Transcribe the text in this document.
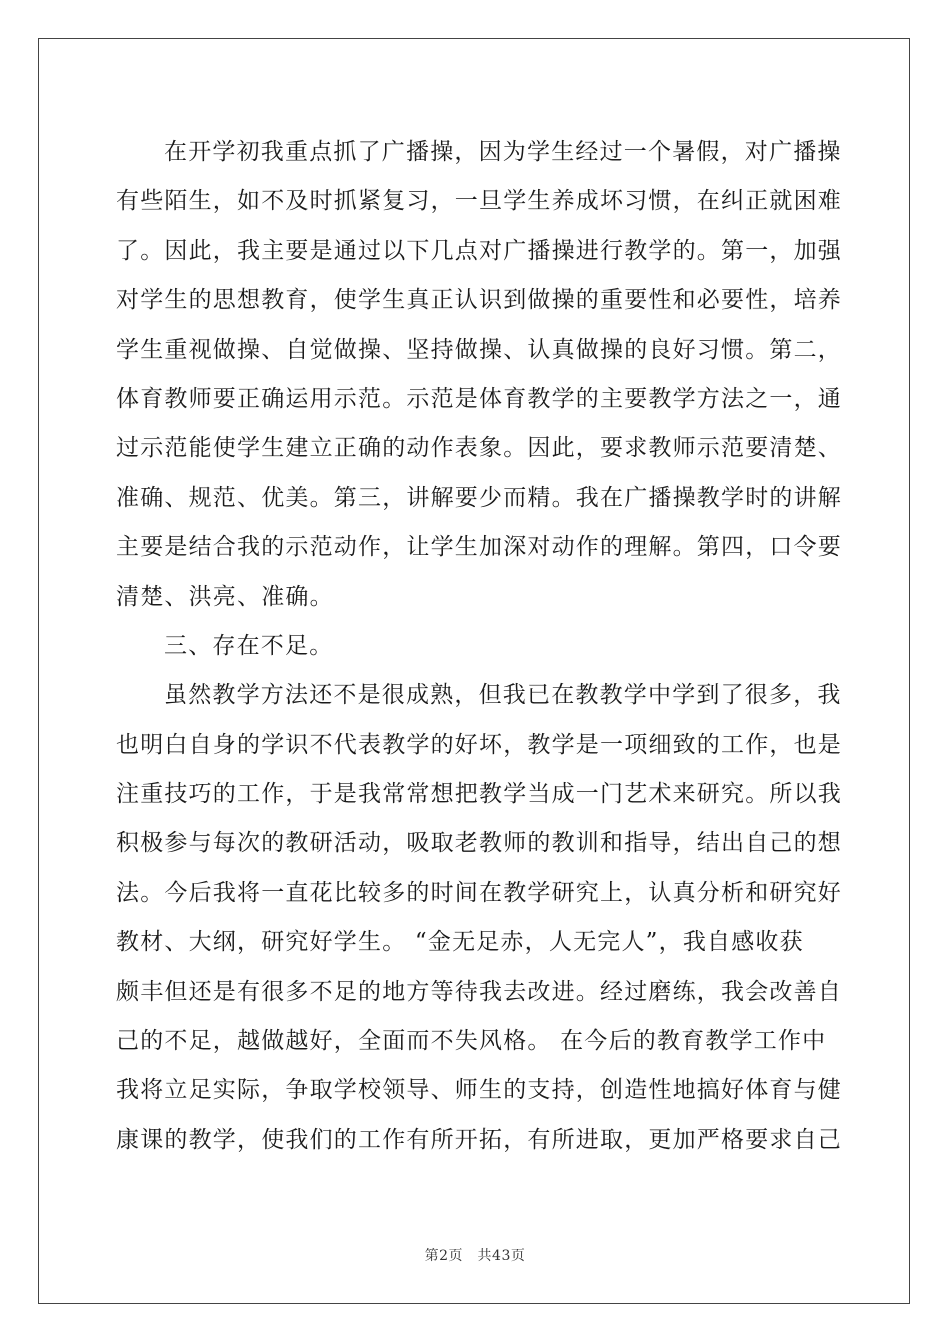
在开学初我重点抓了广播操，因为学生经过一个暑假，对广播操
有些陌生，如不及时抓紧复习，一旦学生养成坏习惯，在纠正就困难
了。因此，我主要是通过以下几点对广播操进行教学的。第一，加强
对学生的思想教育，使学生真正认识到做操的重要性和必要性，培养
学生重视做操、自觉做操、坚持做操、认真做操的良好习惯。第二，
体育教师要正确运用示范。示范是体育教学的主要教学方法之一，通
过示范能使学生建立正确的动作表象。因此，要求教师示范要清楚、
准确、规范、优美。第三，讲解要少而精。我在广播操教学时的讲解
主要是结合我的示范动作，让学生加深对动作的理解。第四，口令要
清楚、洪亮、准确。
三、存在不足。
虽然教学方法还不是很成熟，但我已在教教学中学到了很多，我
也明白自身的学识不代表教学的好坏，教学是一项细致的工作，也是
注重技巧的工作，于是我常常想把教学当成一门艺术来研究。所以我
积极参与每次的教研活动，吸取老教师的教训和指导，结出自己的想
法。今后我将一直花比较多的时间在教学研究上，认真分析和研究好
教材、大纲，研究好学生。 “金无足赤，人无完人”，我自感收获
颇丰但还是有很多不足的地方等待我去改进。经过磨练，我会改善自
己的不足，越做越好，全面而不失风格。 在今后的教育教学工作中
我将立足实际，争取学校领导、师生的支持，创造性地搞好体育与健
康课的教学，使我们的工作有所开拓，有所进取，更加严格要求自己
第2页　共43页
